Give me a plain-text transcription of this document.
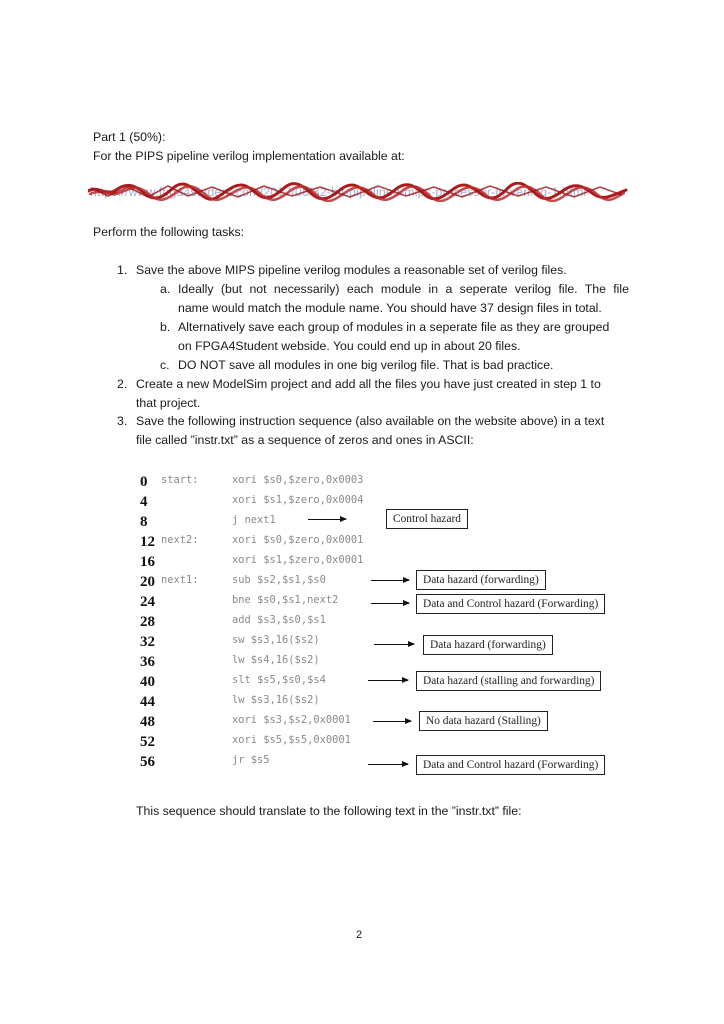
Part 1 (50%):
For the PIPS pipeline verilog implementation available at:
https://www.fpga4student.com/2017/06/32-bit-pipelined-mips-processor-in-verilog-1.html
Perform the following tasks:
1. Save the above MIPS pipeline verilog modules a reasonable set of verilog files.
a. Ideally (but not necessarily) each module in a seperate verilog file. The file
name would match the module name. You should have 37 design files in total.
b. Alternatively save each group of modules in a seperate file as they are grouped
on FPGA4Student webside. You could end up in about 20 files.
c. DO NOT save all modules in one big verilog file. That is bad practice.
2. Create a new ModelSim project and add all the files you have just created in step 1 to
that project.
3. Save the following instruction sequence (also available on the website above) in a text
file called ”instr.txt” as a sequence of zeros and ones in ASCII:
0 start:	xori $s0,$zero,0x0003
4	xori $s1,$zero,0x0004
8	j next1
12 next2:	xori $s0,$zero,0x0001
16	xori $s1,$zero,0x0001
20 next1:	sub $s2,$s1,$s0
24	bne $s0,$s1,next2
28	add $s3,$s0,$s1
32	sw $s3,16($s2)
36	lw $s4,16($s2)
40	slt $s5,$s0,$s4
44	lw $s3,16($s2)
48	xori $s3,$s2,0x0001
52	xori $s5,$s5,0x0001
56	jr $s5
Control hazard
Data hazard (forwarding)
Data and Control hazard (Forwarding)
Data hazard (forwarding)
Data hazard (stalling and forwarding)
No data hazard (Stalling)
Data and Control hazard (Forwarding)
This sequence should translate to the following text in the ”instr.txt” file:
2
